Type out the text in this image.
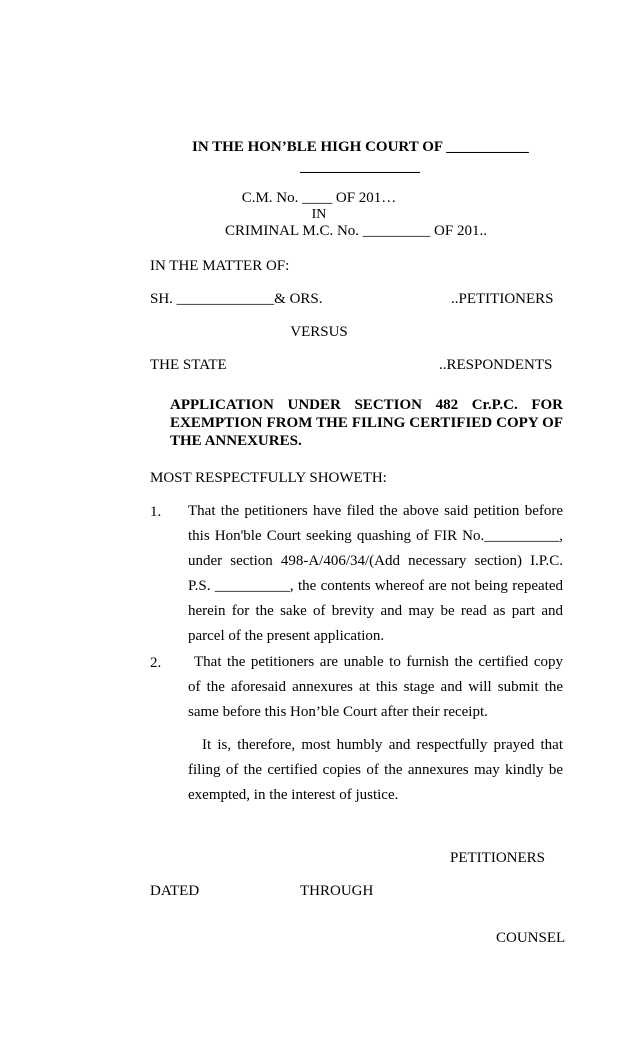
IN THE HON’BLE HIGH COURT OF ___________
________________
C.M. No. ____ OF 201…
IN
CRIMINAL M.C. No. _________ OF 201..
IN THE MATTER OF:
SH. _____________& ORS.	..PETITIONERS
VERSUS
THE STATE	..RESPONDENTS
APPLICATION UNDER SECTION 482 Cr.P.C. FOR EXEMPTION FROM THE FILING CERTIFIED COPY OF THE ANNEXURES.
MOST RESPECTFULLY SHOWETH:
1. That the petitioners have filed the above said petition before this Hon'ble Court seeking quashing of FIR No.__________, under section 498-A/406/34/(Add necessary section) I.P.C. P.S. __________, the contents whereof are not being repeated herein for the sake of brevity and may be read as part and parcel of the present application.
2.	That the petitioners are unable to furnish the certified copy of the aforesaid annexures at this stage and will submit the same before this Hon’ble Court after their receipt.
It is, therefore, most humbly and respectfully prayed that filing of the certified copies of the annexures may kindly be exempted, in the interest of justice.
PETITIONERS
DATED	THROUGH
COUNSEL
